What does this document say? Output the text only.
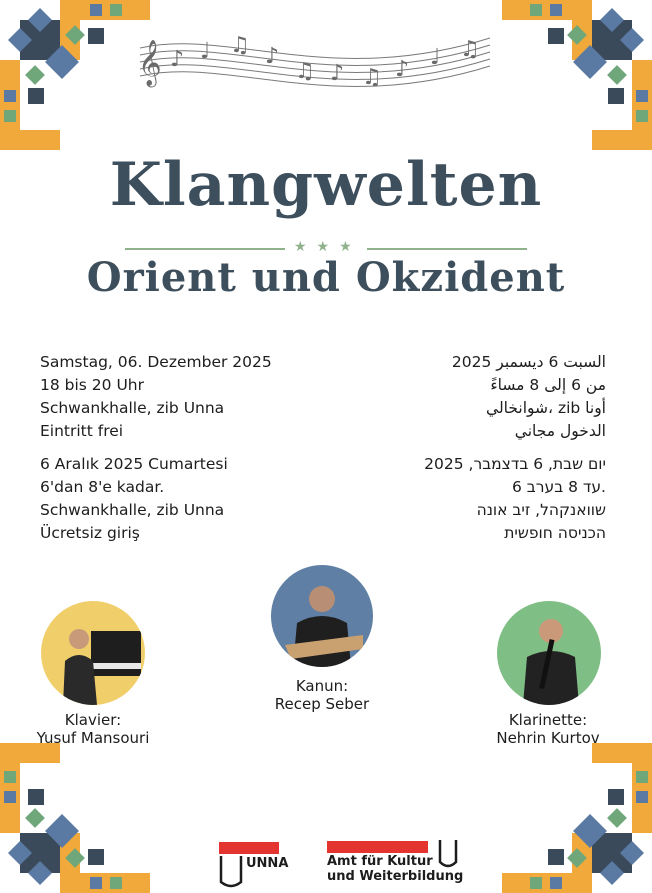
𝄞 ♪ ♩ ♫ ♪
♫ ♪ ♫ ♪ ♩ ♫
Klangwelten
★★★
Orient und Okzident
Samstag, 06. Dezember 2025
18 bis 20 Uhr
Schwankhalle, zib Unna
Eintritt frei
السبت 6 ديسمبر 2025
من 6 إلى 8 مساءً
أونا zib ،شوانخالي
الدخول مجاني
6 Aralık 2025 Cumartesi
6'dan 8'e kadar.
Schwankhalle, zib Unna
Ücretsiz giriş
יום שבת, 6 בדצמבר, 2025
.עד 8 בערב 6
שוואנקהל, זיב אונה
הכניסה חופשית
Klavier:
Yusuf Mansouri
Kanun:
Recep Seber
Klarinette:
Nehrin Kurtov
UNNA	Amt für Kultur
und Weiterbildung
